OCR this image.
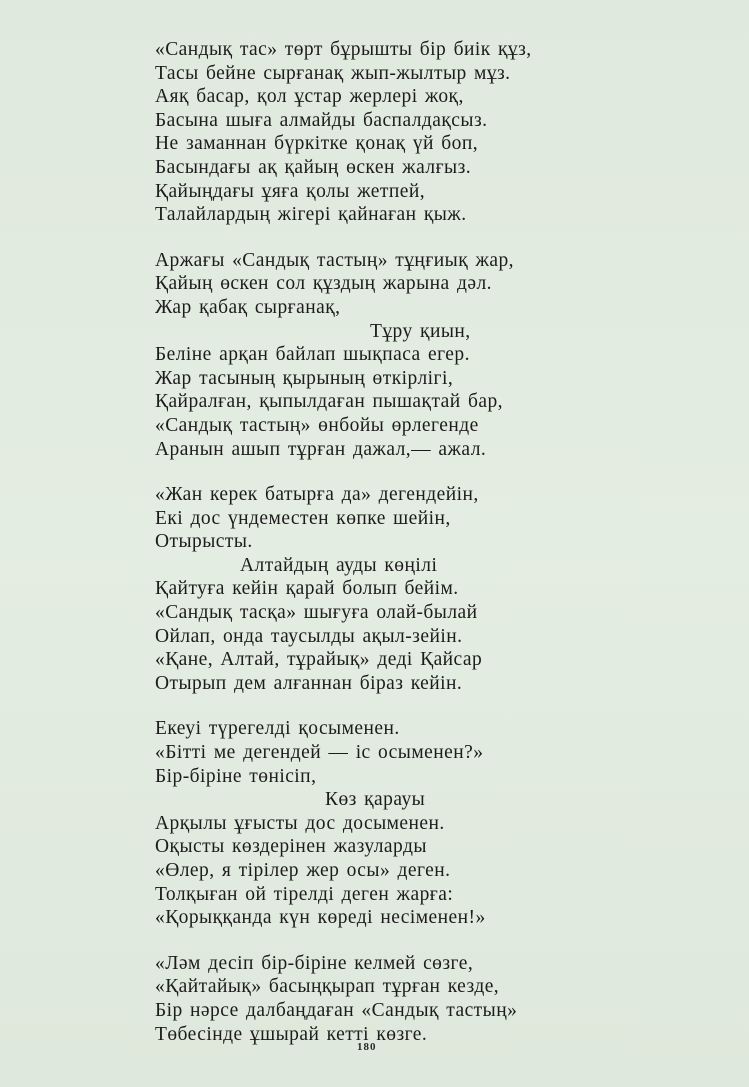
«Сандық тас» төрт бұрышты бір биік құз,
Тасы бейне сырғанақ жып-жылтыр мұз.
Аяқ басар, қол ұстар жерлері жоқ,
Басына шыға алмайды баспалдақсыз.
Не заманнан бүркітке қонақ үй боп,
Басындағы ақ қайың өскен жалғыз.
Қайыңдағы ұяға қолы жетпей,
Талайлардың жігері қайнаған қыж.
Аржағы «Сандық тастың» тұңғиық жар,
Қайың өскен сол құздың жарына дәл.
Жар қабақ сырғанақ,
Тұру қиын,
Беліне арқан байлап шықпаса егер.
Жар тасының қырының өткірлігі,
Қайралған, қыпылдаған пышақтай бар,
«Сандық тастың» өнбойы өрлегенде
Аранын ашып тұрған дажал,— ажал.
«Жан керек батырға да» дегендейін,
Екі дос үндеместен көпке шейін,
Отырысты.
Алтайдың ауды көңілі
Қайтуға кейін қарай болып бейім.
«Сандық тасқа» шығуға олай-былай
Ойлап, онда таусылды ақыл-зейін.
«Қане, Алтай, тұрайық» деді Қайсар
Отырып дем алғаннан біраз кейін.
Екеуі түрегелді қосыменен.
«Бітті ме дегендей — іс осыменен?»
Бір-біріне төнісіп,
Көз қарауы
Арқылы ұғысты дос досыменен.
Оқысты көздерінен жазуларды
«Өлер, я тірілер жер осы» деген.
Толқыған ой тірелді деген жарға:
«Қорыққанда күн көреді несіменен!»
«Ләм десіп бір-біріне келмей сөзге,
«Қайтайық» басыңқырап тұрған кезде,
Бір нәрсе далбаңдаған «Сандық тастың»
Төбесінде ұшырай кетті көзге.
180
